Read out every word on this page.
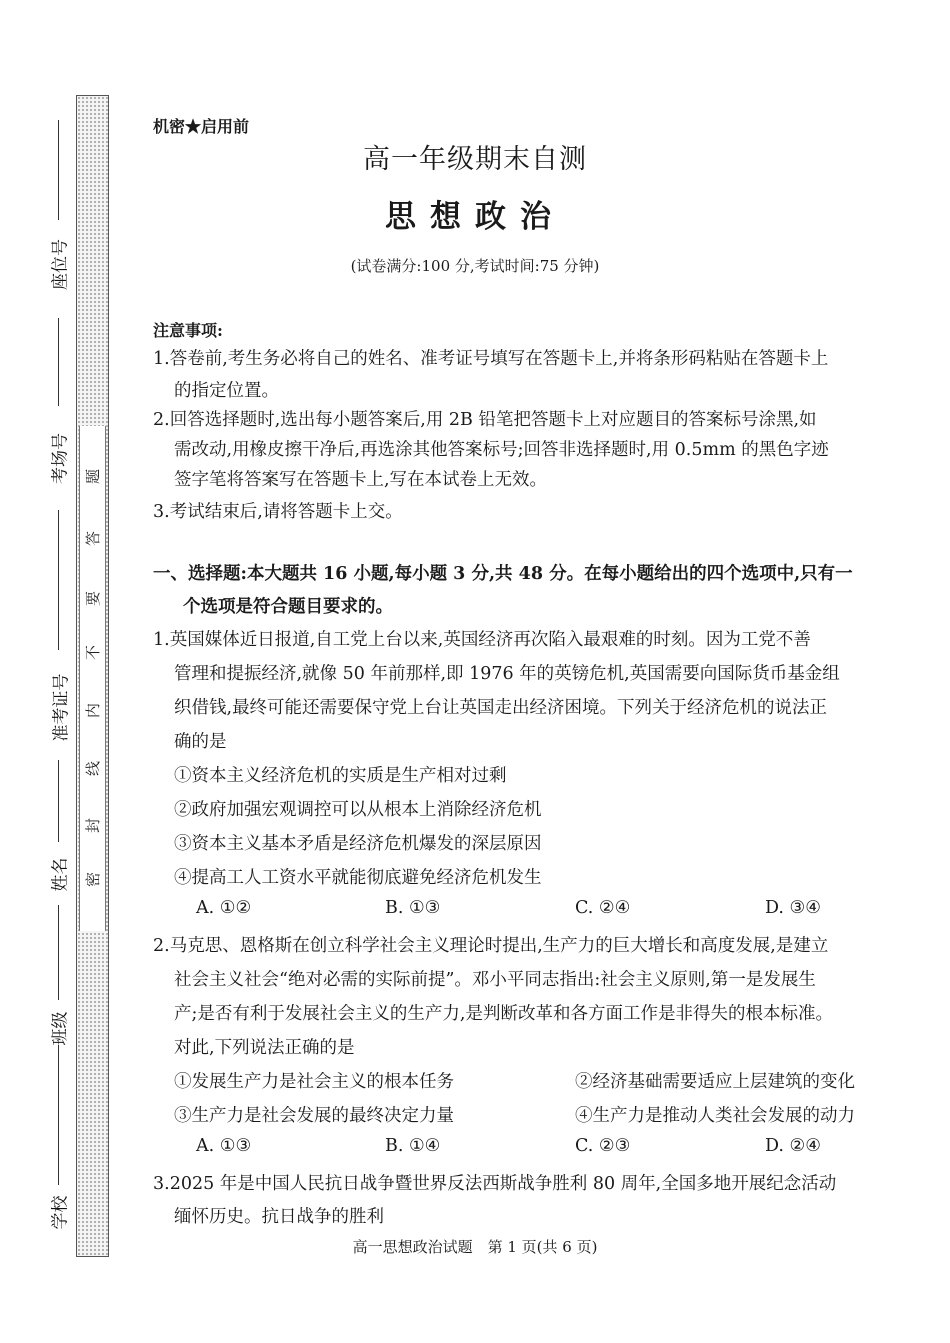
题
答
要
不
内
线
封
密
座位号
考场号
准考证号
姓名
班级
学校
机密★启用前
高一年级期末自测
思想政治
(试卷满分:100 分,考试时间:75 分钟)
注意事项:
1.答卷前,考生务必将自己的姓名、准考证号填写在答题卡上,并将条形码粘贴在答题卡上
的指定位置。
2.回答选择题时,选出每小题答案后,用 2B 铅笔把答题卡上对应题目的答案标号涂黑,如
需改动,用橡皮擦干净后,再选涂其他答案标号;回答非选择题时,用 0.5mm 的黑色字迹
签字笔将答案写在答题卡上,写在本试卷上无效。
3.考试结束后,请将答题卡上交。
一、选择题:本大题共 16 小题,每小题 3 分,共 48 分。在每小题给出的四个选项中,只有一
个选项是符合题目要求的。
1.英国媒体近日报道,自工党上台以来,英国经济再次陷入最艰难的时刻。因为工党不善
管理和提振经济,就像 50 年前那样,即 1976 年的英镑危机,英国需要向国际货币基金组
织借钱,最终可能还需要保守党上台让英国走出经济困境。下列关于经济危机的说法正
确的是
①资本主义经济危机的实质是生产相对过剩
②政府加强宏观调控可以从根本上消除经济危机
③资本主义基本矛盾是经济危机爆发的深层原因
④提高工人工资水平就能彻底避免经济危机发生
A. ①②	B. ①③	C. ②④	D. ③④
2.马克思、恩格斯在创立科学社会主义理论时提出,生产力的巨大增长和高度发展,是建立
社会主义社会“绝对必需的实际前提”。邓小平同志指出:社会主义原则,第一是发展生
产;是否有利于发展社会主义的生产力,是判断改革和各方面工作是非得失的根本标准。
对此,下列说法正确的是
①发展生产力是社会主义的根本任务	②经济基础需要适应上层建筑的变化
③生产力是社会发展的最终决定力量	④生产力是推动人类社会发展的动力
A. ①③	B. ①④	C. ②③	D. ②④
3.2025 年是中国人民抗日战争暨世界反法西斯战争胜利 80 周年,全国多地开展纪念活动
缅怀历史。抗日战争的胜利
高一思想政治试题　第 1 页(共 6 页)
